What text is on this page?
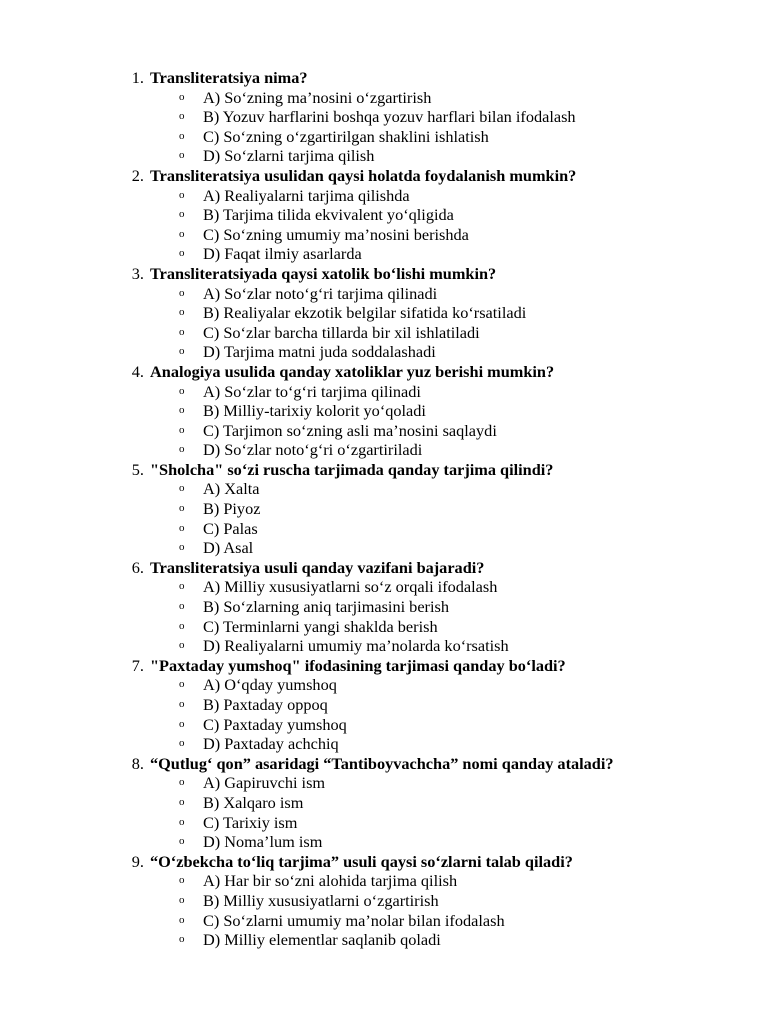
1. Transliteratsiya nima?
o	A) So‘zning ma’nosini o‘zgartirish
o	B) Yozuv harflarini boshqa yozuv harflari bilan ifodalash
o	C) So‘zning o‘zgartirilgan shaklini ishlatish
o	D) So‘zlarni tarjima qilish
2. Transliteratsiya usulidan qaysi holatda foydalanish mumkin?
o	A) Realiyalarni tarjima qilishda
o	B) Tarjima tilida ekvivalent yo‘qligida
o	C) So‘zning umumiy ma’nosini berishda
o	D) Faqat ilmiy asarlarda
3. Transliteratsiyada qaysi xatolik bo‘lishi mumkin?
o	A) So‘zlar noto‘g‘ri tarjima qilinadi
o	B) Realiyalar ekzotik belgilar sifatida ko‘rsatiladi
o	C) So‘zlar barcha tillarda bir xil ishlatiladi
o	D) Tarjima matni juda soddalashadi
4. Analogiya usulida qanday xatoliklar yuz berishi mumkin?
o	A) So‘zlar to‘g‘ri tarjima qilinadi
o	B) Milliy-tarixiy kolorit yo‘qoladi
o	C) Tarjimon so‘zning asli ma’nosini saqlaydi
o	D) So‘zlar noto‘g‘ri o‘zgartiriladi
5. "Sholcha" so‘zi ruscha tarjimada qanday tarjima qilindi?
o	A) Xalta
o	B) Piyoz
o	C) Palas
o	D) Asal
6. Transliteratsiya usuli qanday vazifani bajaradi?
o	A) Milliy xususiyatlarni so‘z orqali ifodalash
o	B) So‘zlarning aniq tarjimasini berish
o	C) Terminlarni yangi shaklda berish
o	D) Realiyalarni umumiy ma’nolarda ko‘rsatish
7. "Paxtaday yumshoq" ifodasining tarjimasi qanday bo‘ladi?
o	A) O‘qday yumshoq
o	B) Paxtaday oppoq
o	C) Paxtaday yumshoq
o	D) Paxtaday achchiq
8. “Qutlug‘ qon” asaridagi “Tantiboyvachcha” nomi qanday ataladi?
o	A) Gapiruvchi ism
o	B) Xalqaro ism
o	C) Tarixiy ism
o	D) Noma’lum ism
9. “O‘zbekcha to‘liq tarjima” usuli qaysi so‘zlarni talab qiladi?
o	A) Har bir so‘zni alohida tarjima qilish
o	B) Milliy xususiyatlarni o‘zgartirish
o	C) So‘zlarni umumiy ma’nolar bilan ifodalash
o	D) Milliy elementlar saqlanib qoladi
